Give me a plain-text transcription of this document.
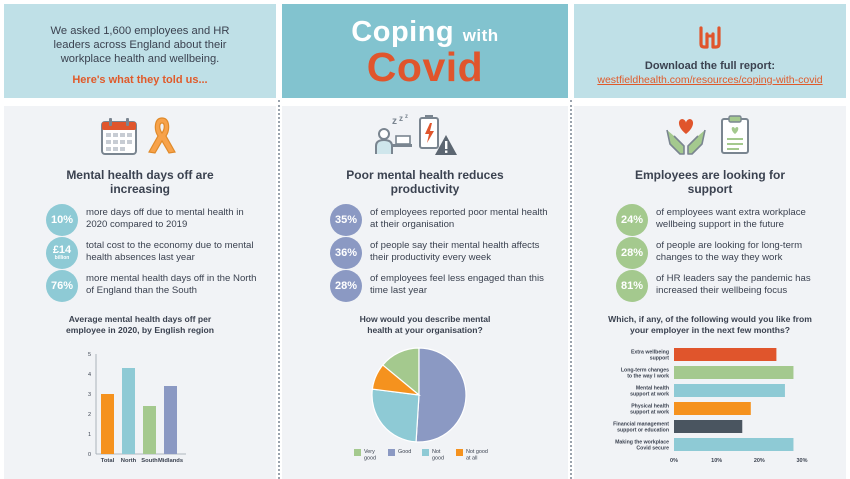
We asked 1,600 employees and HR leaders across England about their workplace health and wellbeing.
Here's what they told us...
Coping with
Covid	Download the full report:
westfieldhealth.com/resources/coping-with-covid
Mental health days off are increasing
10%
more days off due to mental health in 2020 compared to 2019
£14
billion
total cost to the economy due to mental health absences last year
76%
more mental health days off in the North of England than the South
Average mental health days off per employee in 2020, by English region
0
1
2
3
4
5
Total North South Midlands
z z z
Poor mental health reduces productivity
35%
of employees reported poor mental health at their organisation
36%
of people say their mental health affects their productivity every week
28%
of employees feel less engaged than this time last year
How would you describe mental health at your organisation?
Very
good
Good	Not
good
Not good
at all
Employees are looking for support
24%
of employees want extra workplace wellbeing support in the future
28%
of people are looking for long-term changes to the way they work
81%
of HR leaders say the pandemic has increased their wellbeing focus
Which, if any, of the following would you like from your employer in the next few months?
Extra wellbeing
support
Long-term changes
to the way I work
Mental health
support at work
Physical health
support at work
Financial management
support or education
Making the workplace
Covid secure
0%	10%	20%	30%
